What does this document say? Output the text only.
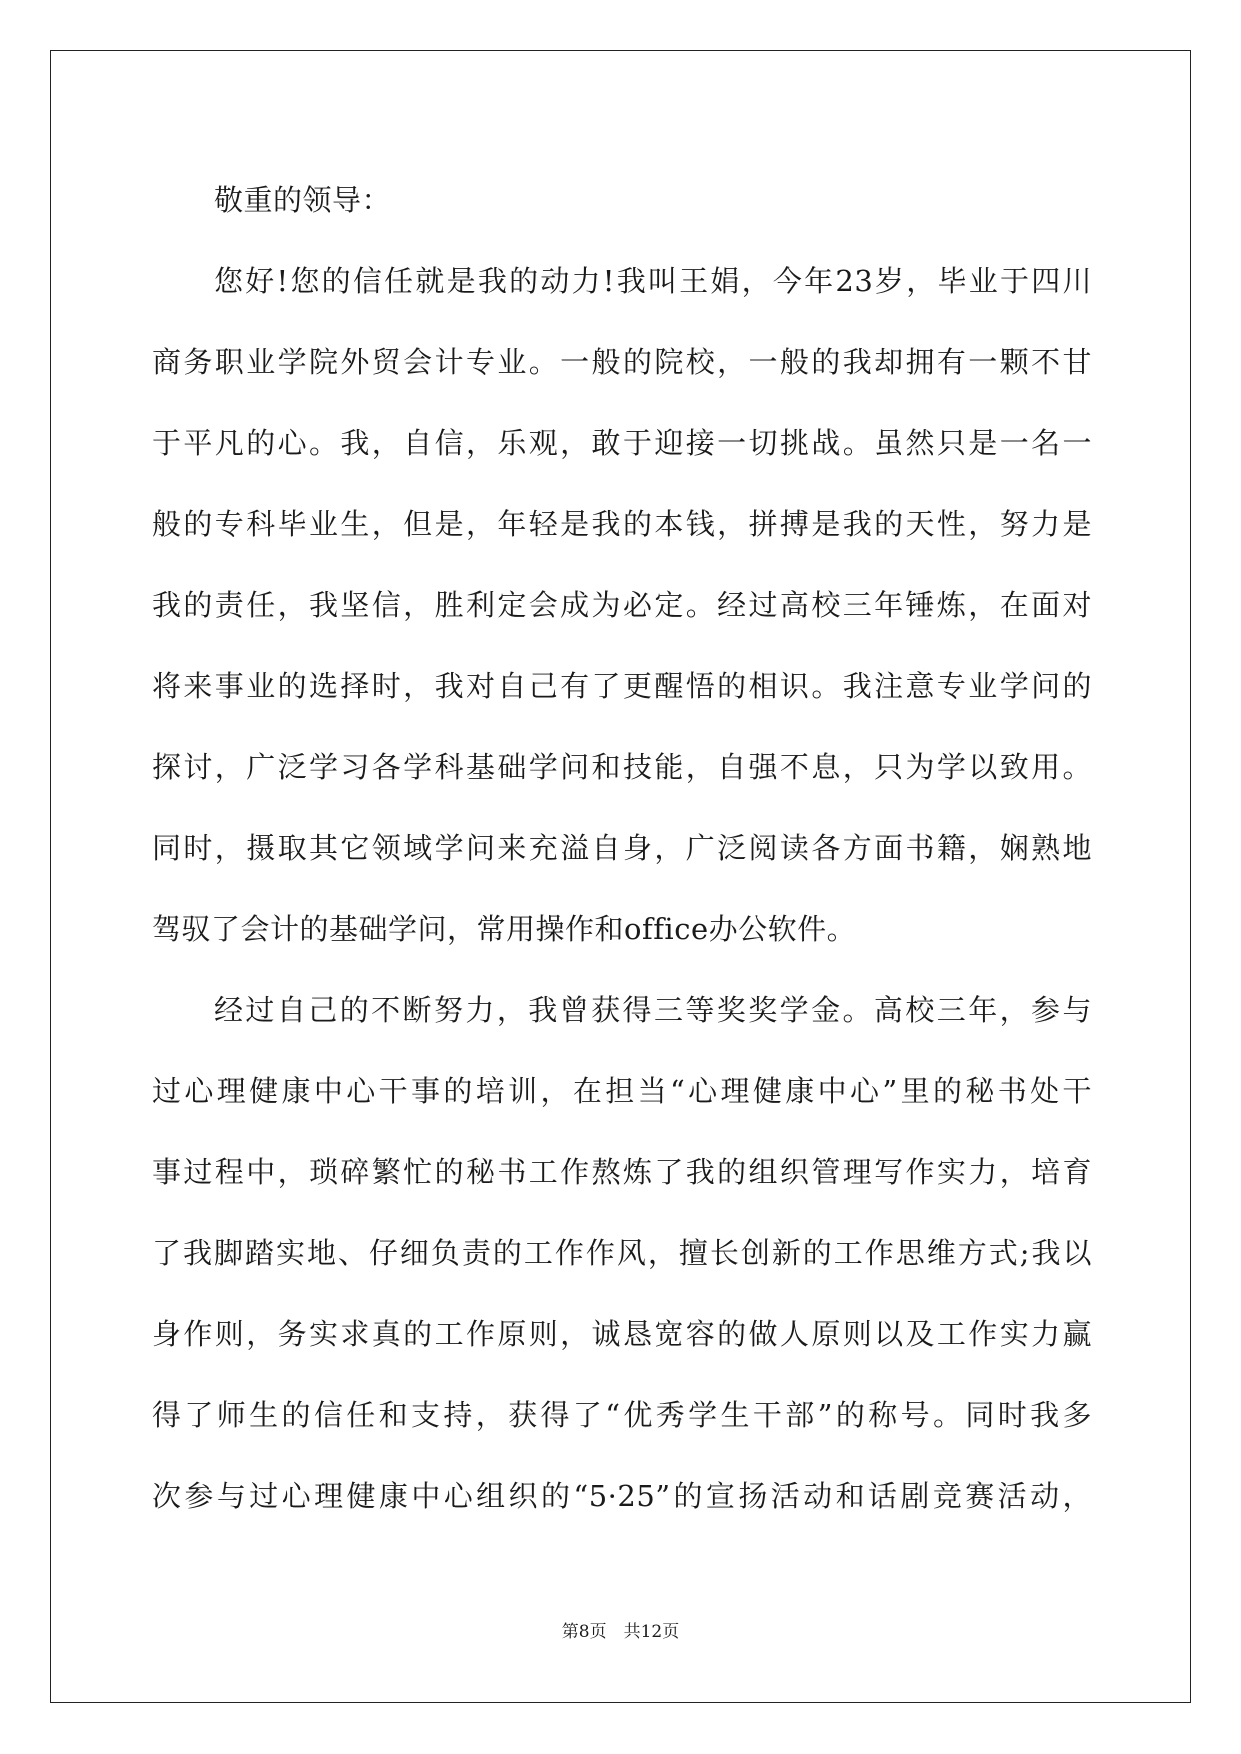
敬重的领导：
您好!您的信任就是我的动力!我叫王娟，今年23岁，毕业于四川
商务职业学院外贸会计专业。一般的院校，一般的我却拥有一颗不甘
于平凡的心。我，自信，乐观，敢于迎接一切挑战。虽然只是一名一
般的专科毕业生，但是，年轻是我的本钱，拼搏是我的天性，努力是
我的责任，我坚信，胜利定会成为必定。经过高校三年锤炼，在面对
将来事业的选择时，我对自己有了更醒悟的相识。我注意专业学问的
探讨，广泛学习各学科基础学问和技能，自强不息，只为学以致用。
同时，摄取其它领域学问来充溢自身，广泛阅读各方面书籍，娴熟地
驾驭了会计的基础学问，常用操作和office办公软件。
经过自己的不断努力，我曾获得三等奖奖学金。高校三年，参与
过心理健康中心干事的培训，在担当“心理健康中心”里的秘书处干
事过程中，琐碎繁忙的秘书工作熬炼了我的组织管理写作实力，培育
了我脚踏实地、仔细负责的工作作风，擅长创新的工作思维方式;我以
身作则，务实求真的工作原则，诚恳宽容的做人原则以及工作实力赢
得了师生的信任和支持，获得了“优秀学生干部”的称号。同时我多
次参与过心理健康中心组织的“5·25”的宣扬活动和话剧竞赛活动，
第8页　共12页
